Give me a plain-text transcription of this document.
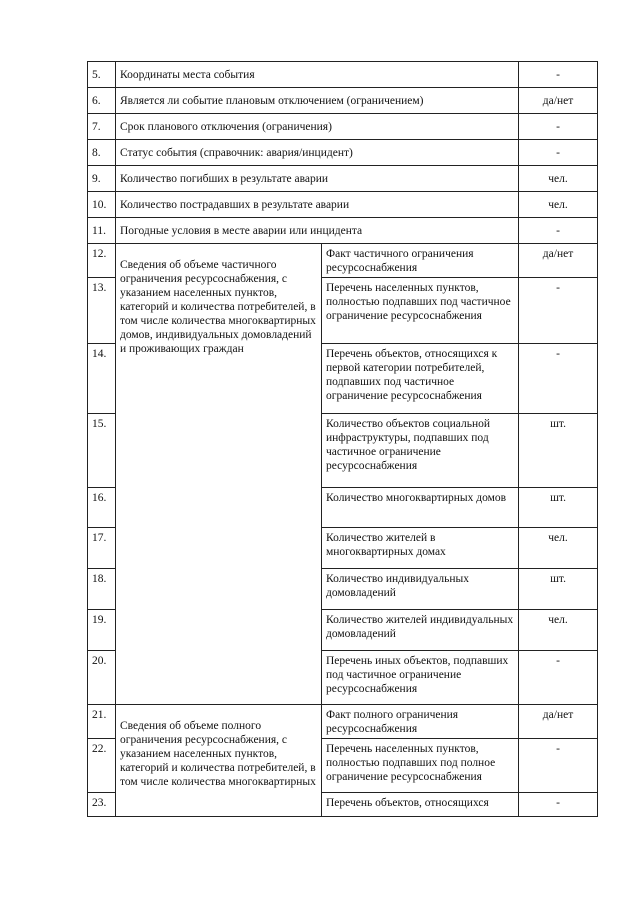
5.	Координаты места события		-
6.	Является ли событие плановым отключением (ограничением)		да/нет
7.	Срок планового отключения (ограничения)		-
8.	Статус события (справочник: авария/инцидент)		-
9.	Количество погибших в результате аварии		чел.
10.	Количество пострадавших в результате аварии		чел.
11.	Погодные условия в месте аварии или инцидента		-
12.	Сведения об объеме частичного ограничения ресурсоснабжения, с указанием населенных пунктов, категорий и количества потребителей, в том числе количества многоквартирных домов, индивидуальных домовладений и проживающих граждан	Факт частичного ограничения ресурсоснабжения	да/нет
13.		Перечень населенных пунктов, полностью подпавших под частичное ограничение ресурсоснабжения	-
14.		Перечень объектов, относящихся к первой категории потребителей, подпавших под частичное ограничение ресурсоснабжения	-
15.		Количество объектов социальной инфраструктуры, подпавших под частичное ограничение ресурсоснабжения	шт.
16.		Количество многоквартирных домов	шт.
17.		Количество жителей в многоквартирных домах	чел.
18.		Количество индивидуальных домовладений	шт.
19.		Количество жителей индивидуальных домовладений	чел.
20.		Перечень иных объектов, подпавших под частичное ограничение ресурсоснабжения	-
21.	Сведения об объеме полного ограничения ресурсоснабжения, с указанием населенных пунктов, категорий и количества потребителей, в том числе количества многоквартирных	Факт полного ограничения ресурсоснабжения	да/нет
22.		Перечень населенных пунктов, полностью подпавших под полное ограничение ресурсоснабжения	-
23.		Перечень объектов, относящихся	-
